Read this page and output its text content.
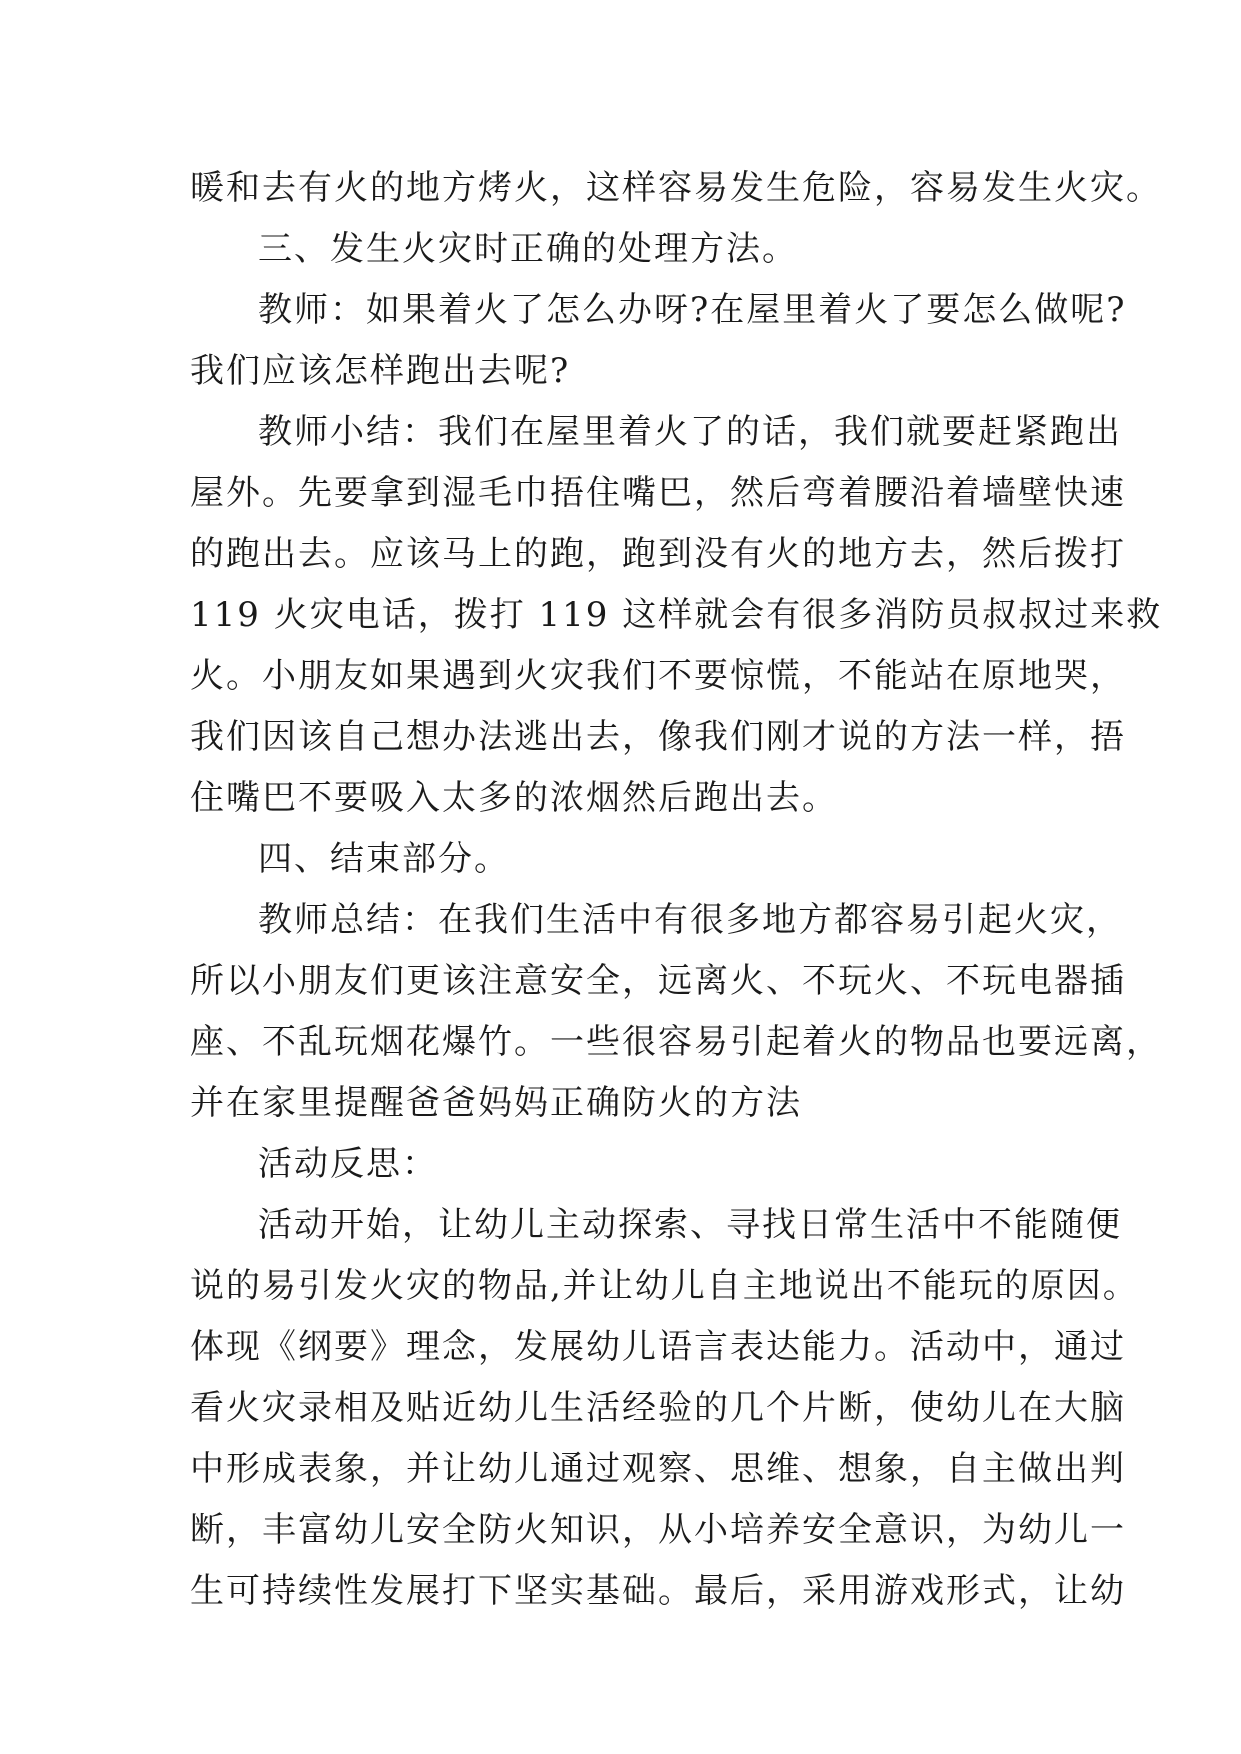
暖和去有火的地方烤火，这样容易发生危险，容易发生火灾。
三、发生火灾时正确的处理方法。
教师：如果着火了怎么办呀?在屋里着火了要怎么做呢?
我们应该怎样跑出去呢?
教师小结：我们在屋里着火了的话，我们就要赶紧跑出
屋外。先要拿到湿毛巾捂住嘴巴，然后弯着腰沿着墙壁快速
的跑出去。应该马上的跑，跑到没有火的地方去，然后拨打
119 火灾电话，拨打 119 这样就会有很多消防员叔叔过来救
火。小朋友如果遇到火灾我们不要惊慌，不能站在原地哭，
我们因该自己想办法逃出去，像我们刚才说的方法一样，捂
住嘴巴不要吸入太多的浓烟然后跑出去。
四、结束部分。
教师总结：在我们生活中有很多地方都容易引起火灾，
所以小朋友们更该注意安全，远离火、不玩火、不玩电器插
座、不乱玩烟花爆竹。一些很容易引起着火的物品也要远离，
并在家里提醒爸爸妈妈正确防火的方法
活动反思：
活动开始，让幼儿主动探索、寻找日常生活中不能随便
说的易引发火灾的物品,并让幼儿自主地说出不能玩的原因。
体现《纲要》理念，发展幼儿语言表达能力。活动中，通过
看火灾录相及贴近幼儿生活经验的几个片断，使幼儿在大脑
中形成表象，并让幼儿通过观察、思维、想象，自主做出判
断，丰富幼儿安全防火知识，从小培养安全意识，为幼儿一
生可持续性发展打下坚实基础。最后，采用游戏形式，让幼
